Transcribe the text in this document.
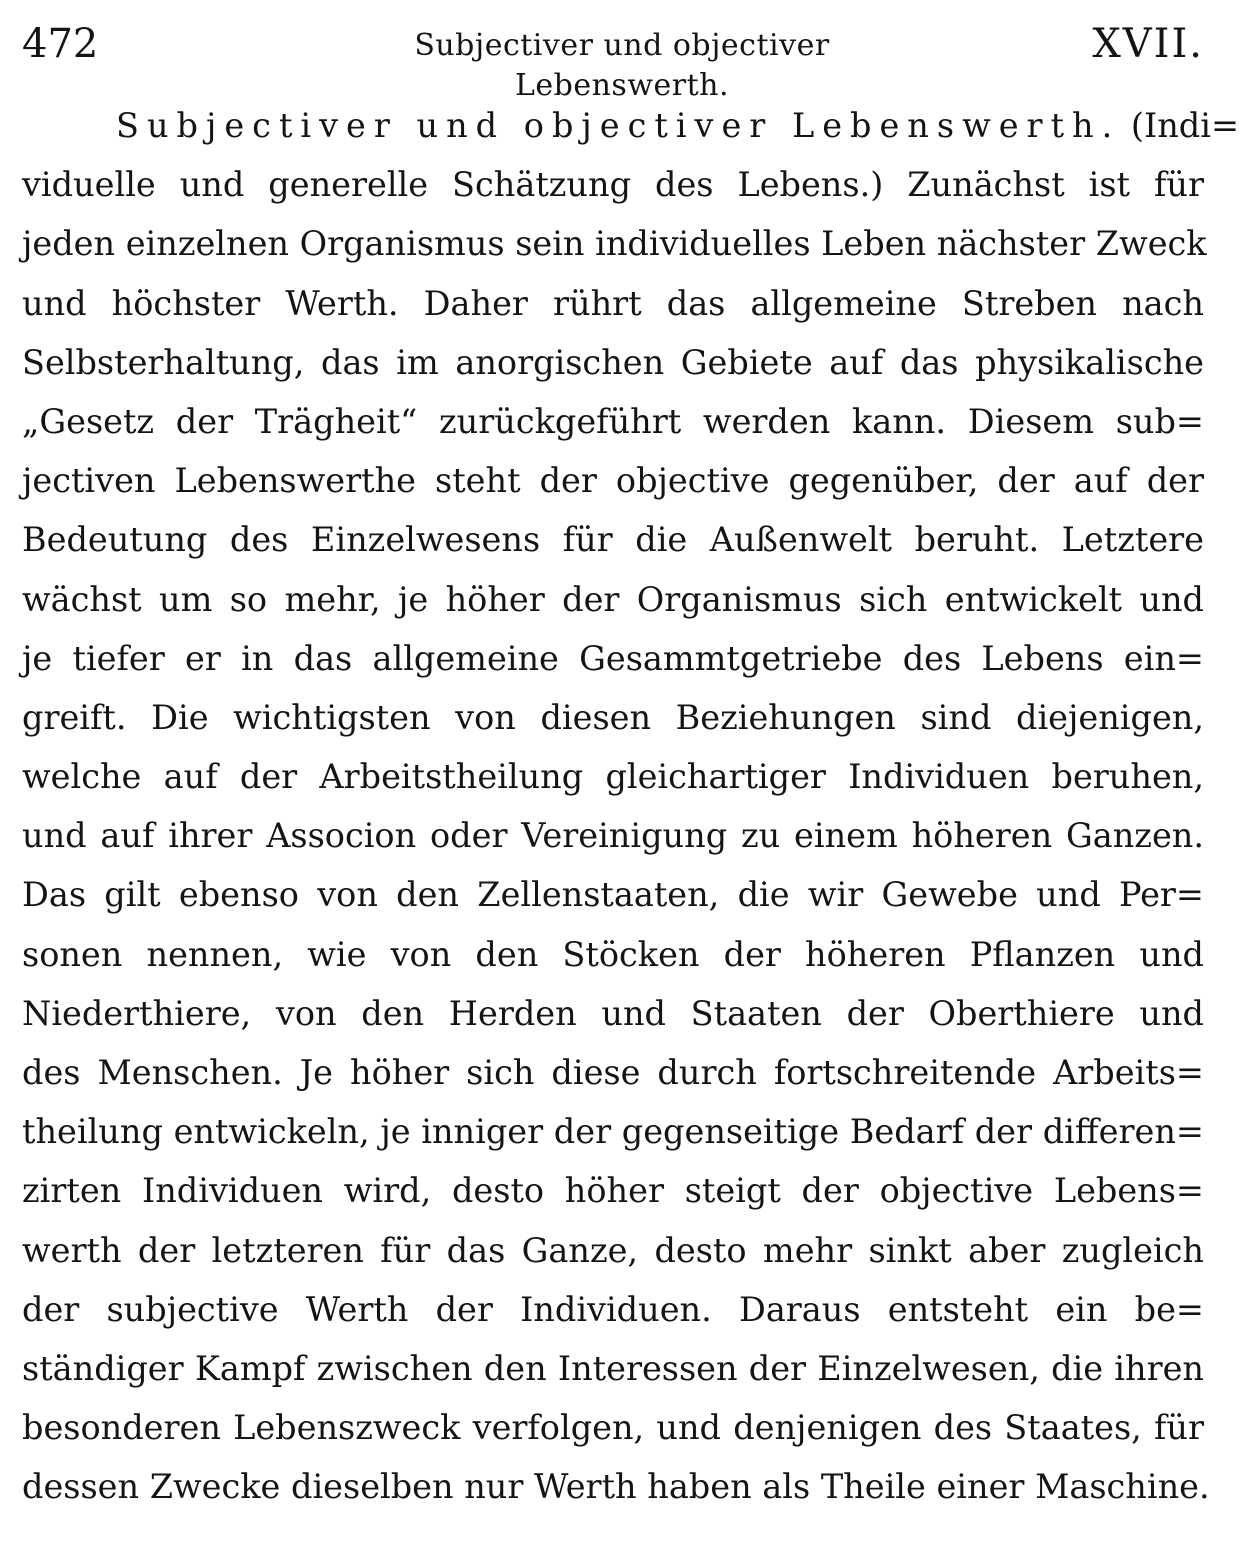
472	Subjectiver und objectiver Lebenswerth.
XVII.
Subjectiver und objectiver Lebenswerth. (Indi=
viduelle und generelle Schätzung des Lebens.) Zunächst ist für
jeden einzelnen Organismus sein individuelles Leben nächster Zweck
und höchster Werth. Daher rührt das allgemeine Streben nach
Selbsterhaltung, das im anorgischen Gebiete auf das physikalische
„Gesetz der Trägheit“ zurückgeführt werden kann. Diesem sub=
jectiven Lebenswerthe steht der objective gegenüber, der auf der
Bedeutung des Einzelwesens für die Außenwelt beruht. Letztere
wächst um so mehr, je höher der Organismus sich entwickelt und
je tiefer er in das allgemeine Gesammtgetriebe des Lebens ein=
greift. Die wichtigsten von diesen Beziehungen sind diejenigen,
welche auf der Arbeitstheilung gleichartiger Individuen beruhen,
und auf ihrer Associon oder Vereinigung zu einem höheren Ganzen.
Das gilt ebenso von den Zellenstaaten, die wir Gewebe und Per=
sonen nennen, wie von den Stöcken der höheren Pflanzen und
Niederthiere, von den Herden und Staaten der Oberthiere und
des Menschen. Je höher sich diese durch fortschreitende Arbeits=
theilung entwickeln, je inniger der gegenseitige Bedarf der differen=
zirten Individuen wird, desto höher steigt der objective Lebens=
werth der letzteren für das Ganze, desto mehr sinkt aber zugleich
der subjective Werth der Individuen. Daraus entsteht ein be=
ständiger Kampf zwischen den Interessen der Einzelwesen, die ihren
besonderen Lebenszweck verfolgen, und denjenigen des Staates, für
dessen Zwecke dieselben nur Werth haben als Theile einer Maschine.
